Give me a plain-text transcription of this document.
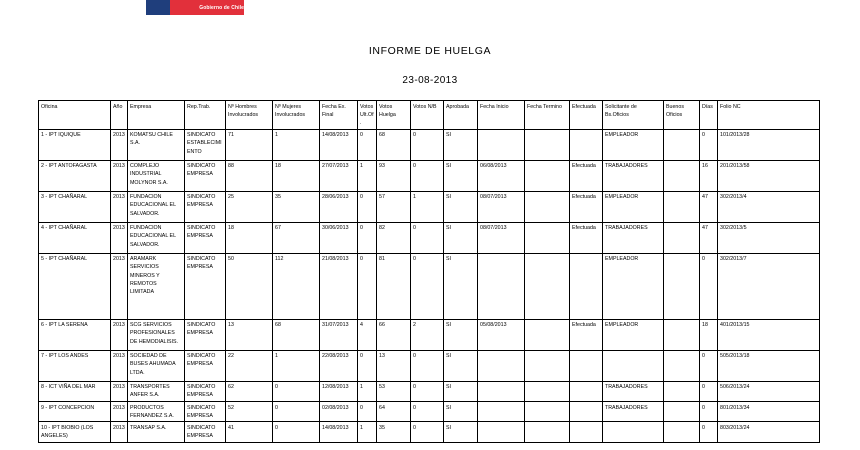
Gobierno de Chile
INFORME DE HUELGA
23-08-2013
Oficina	Año	Empresa	Rep.Trab.	Nº Hombres Involucrados	Nº Mujeres Involucrados	Fecha Ex. Final	Votos Ult.Of.	Votos Huelga	Votos N/B	Aprobada	Fecha Inicio	Fecha Termino	Efectuada	Solicitante de Bs.Oficios	Buenos Oficios	Días	Folio NC
1 - IPT IQUIQUE	2013	KOMATSU CHILE S.A.	SINDICATO ESTABLECIMIENTO	71	1	14/08/2013	0	68	0	SI				EMPLEADOR		0	101/2013/28
2 - IPT ANTOFAGASTA	2013	COMPLEJO INDUSTRIAL MOLYNOR S.A.	SINDICATO EMPRESA	88	18	27/07/2013	1	93	0	SI	06/08/2013		Efectuada	TRABAJADORES		16	201/2013/58
3 - IPT CHAÑARAL	2013	FUNDACION EDUCACIONAL EL SALVADOR.	SINDICATO EMPRESA	25	35	28/06/2013	0	57	1	SI	08/07/2013		Efectuada	EMPLEADOR		47	302/2013/4
4 - IPT CHAÑARAL	2013	FUNDACION EDUCACIONAL EL SALVADOR.	SINDICATO EMPRESA	18	67	30/06/2013	0	82	0	SI	08/07/2013		Efectuada	TRABAJADORES		47	302/2013/5
5 - IPT CHAÑARAL	2013	ARAMARK SERVICIOS MINEROS Y REMOTOS LIMITADA	SINDICATO EMPRESA	50	112	21/08/2013	0	81	0	SI				EMPLEADOR		0	302/2013/7
6 - IPT LA SERENA	2013	SCG SERVICIOS PROFESIONALES DE HEMODIALISIS.	SINDICATO EMPRESA	13	68	31/07/2013	4	66	2	SI	05/08/2013		Efectuada	EMPLEADOR		18	401/2013/15
7 - IPT LOS ANDES	2013	SOCIEDAD DE BUSES AHUMADA LTDA.	SINDICATO EMPRESA	22	1	22/08/2013	0	13	0	SI						0	505/2013/18
8 - ICT VIÑA DEL MAR	2013	TRANSPORTES ANFER S.A.	SINDICATO EMPRESA	62	0	12/08/2013	1	53	0	SI				TRABAJADORES		0	506/2013/24
9 - IPT CONCEPCION	2013	PRODUCTOS FERNANDEZ S.A.	SINDICATO EMPRESA	52	0	02/08/2013	0	64	0	SI				TRABAJADORES		0	801/2013/34
10 - IPT BIOBIO (LOS ANGELES)	2013	TRANSAP S.A.	SINDICATO EMPRESA	41	0	14/08/2013	1	35	0	SI						0	803/2013/24
